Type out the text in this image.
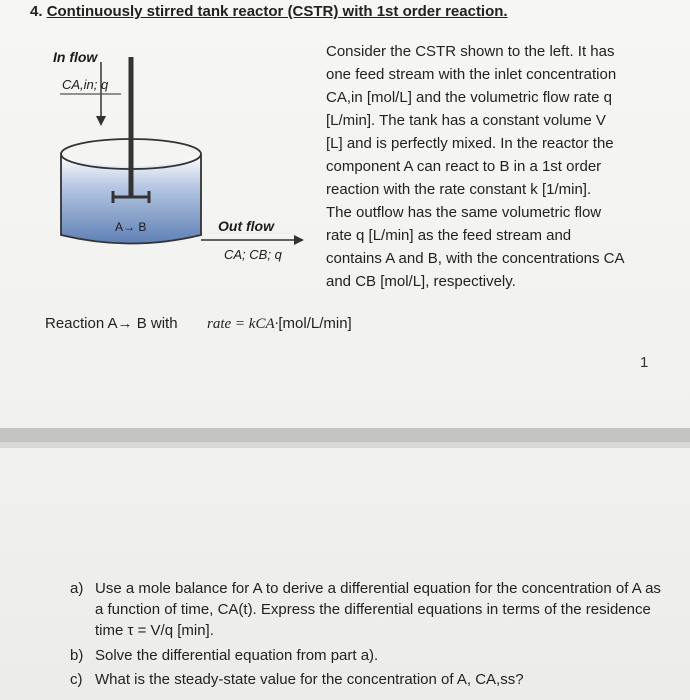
4. Continuously stirred tank reactor (CSTR) with 1st order reaction.
In flow
CA,in; q
A→ B	Out flow
CA; CB; q

Consider the CSTR shown to the left. It has

one feed stream with the inlet concentration

CA,in [mol/L] and the volumetric flow rate q

[L/min]. The tank has a constant volume V

[L] and is perfectly mixed. In the reactor the

component A can react to B in a 1st order

reaction with the rate constant k [1/min].

The outflow has the same volumetric flow

rate q [L/min] as the feed stream and

contains A and B, with the concentrations CA

and CB [mol/L], respectively.

Reaction A→ B with rate = kCA·[mol/L/min]
1
a) Use a mole balance for A to derive a differential equation for the concentration of A as a function of time, CA(t). Express the differential equations in terms of the residence time τ = V/q [min].
b) Solve the differential equation from part a).
c) What is the steady-state value for the concentration of A, CA,ss?
